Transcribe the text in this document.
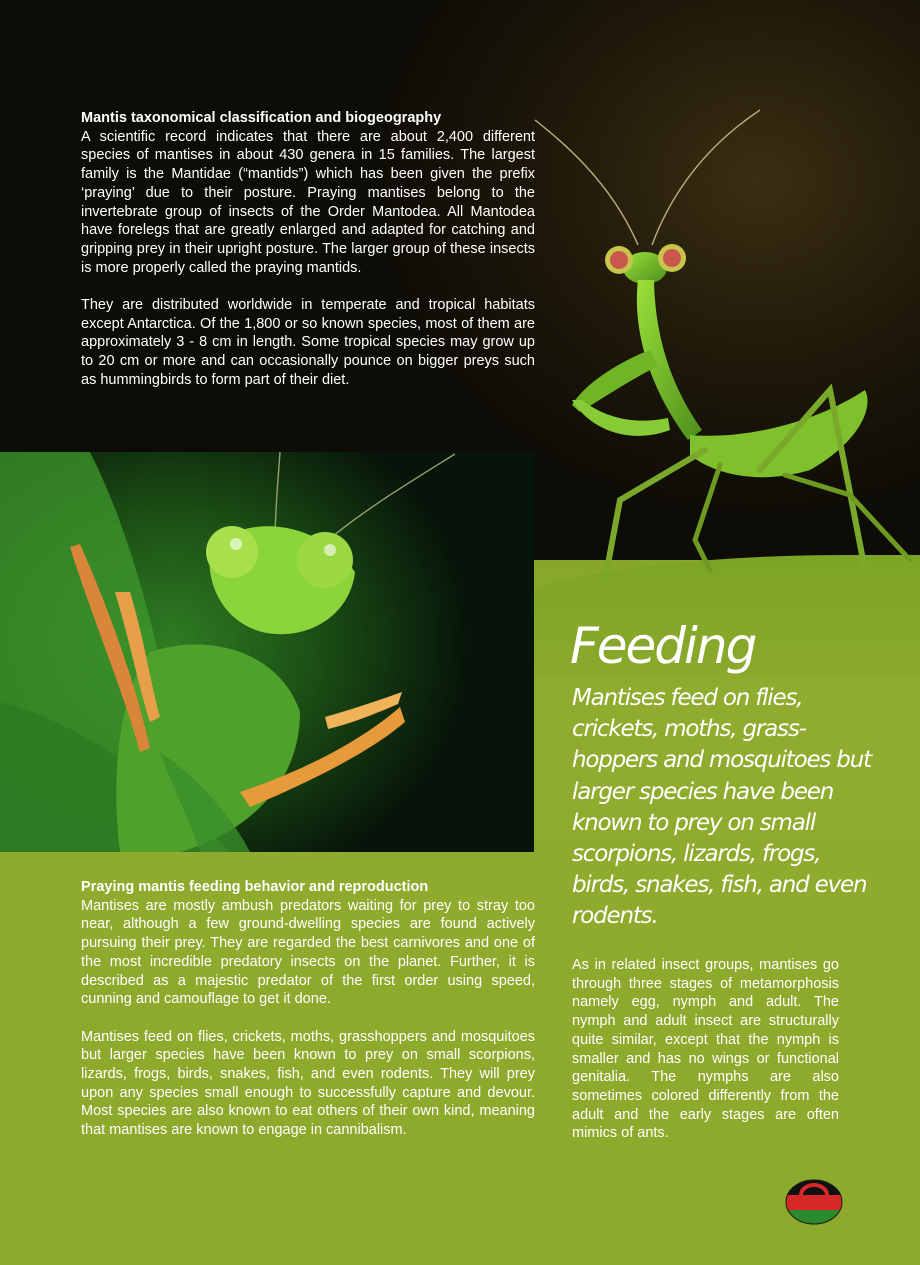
Mantis taxonomical classification and biogeography

A scientific record indicates that there are about 2,400 different species of mantises in about 430 genera in 15 families. The largest family is the Mantidae (“mantids”) which has been given the prefix ‘praying’ due to their posture. Praying mantises belong to the invertebrate group of insects of the Order Mantodea. All Mantodea have forelegs that are greatly enlarged and adapted for catching and gripping prey in their upright posture. The larger group of these insects is more properly called the praying mantids.

They are distributed worldwide in temperate and tropical habitats except Antarctica. Of the 1,800 or so known species, most of them are approximately 3 - 8 cm in length. Some tropical species may grow up to 20 cm or more and can occasionally pounce on bigger preys such as hummingbirds to form part of their diet.

Feeding

Mantises feed on flies, crickets, moths, grass-hoppers and mosquitoes but larger species have been known to prey on small scorpions, lizards, frogs, birds, snakes, fish, and even rodents.

Praying mantis feeding behavior and reproduction

Mantises are mostly ambush predators waiting for prey to stray too near, although a few ground-dwelling species are found actively pursuing their prey. They are regarded the best carnivores and one of the most incredible predatory insects on the planet. Further, it is described as a majestic predator of the first order using speed, cunning and camouflage to get it done.

Mantises feed on flies, crickets, moths, grasshoppers and mosquitoes but larger species have been known to prey on small scorpions, lizards, frogs, birds, snakes, fish, and even rodents. They will prey upon any species small enough to successfully capture and devour. Most species are also known to eat others of their own kind, meaning that mantises are known to engage in cannibalism.

As in related insect groups, mantises go through three stages of metamorphosis namely egg, nymph and adult. The nymph and adult insect are structurally quite similar, except that the nymph is smaller and has no wings or functional genitalia. The nymphs are also sometimes colored differently from the adult and the early stages are often mimics of ants.
